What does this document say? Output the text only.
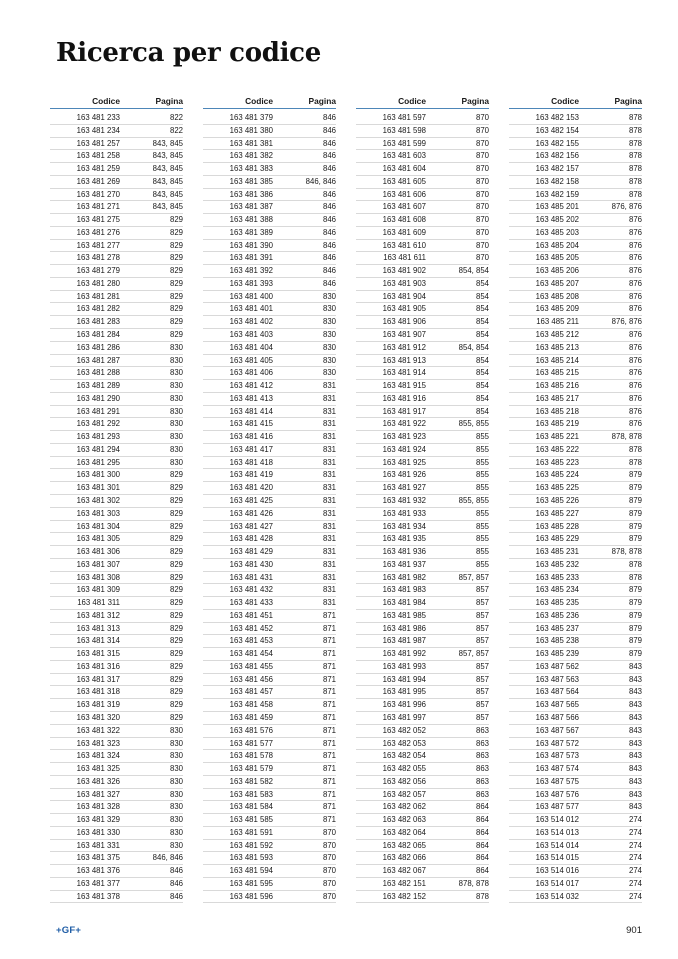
Ricerca per codice
Codice	Pagina
163 481 233	822
163 481 234	822
163 481 257	843, 845
163 481 258	843, 845
163 481 259	843, 845
163 481 269	843, 845
163 481 270	843, 845
163 481 271	843, 845
163 481 275	829
163 481 276	829
163 481 277	829
163 481 278	829
163 481 279	829
163 481 280	829
163 481 281	829
163 481 282	829
163 481 283	829
163 481 284	829
163 481 286	830
163 481 287	830
163 481 288	830
163 481 289	830
163 481 290	830
163 481 291	830
163 481 292	830
163 481 293	830
163 481 294	830
163 481 295	830
163 481 300	829
163 481 301	829
163 481 302	829
163 481 303	829
163 481 304	829
163 481 305	829
163 481 306	829
163 481 307	829
163 481 308	829
163 481 309	829
163 481 311	829
163 481 312	829
163 481 313	829
163 481 314	829
163 481 315	829
163 481 316	829
163 481 317	829
163 481 318	829
163 481 319	829
163 481 320	829
163 481 322	830
163 481 323	830
163 481 324	830
163 481 325	830
163 481 326	830
163 481 327	830
163 481 328	830
163 481 329	830
163 481 330	830
163 481 331	830
163 481 375	846, 846
163 481 376	846
163 481 377	846
163 481 378	846
Codice	Pagina
163 481 379	846
163 481 380	846
163 481 381	846
163 481 382	846
163 481 383	846
163 481 385	846, 846
163 481 386	846
163 481 387	846
163 481 388	846
163 481 389	846
163 481 390	846
163 481 391	846
163 481 392	846
163 481 393	846
163 481 400	830
163 481 401	830
163 481 402	830
163 481 403	830
163 481 404	830
163 481 405	830
163 481 406	830
163 481 412	831
163 481 413	831
163 481 414	831
163 481 415	831
163 481 416	831
163 481 417	831
163 481 418	831
163 481 419	831
163 481 420	831
163 481 425	831
163 481 426	831
163 481 427	831
163 481 428	831
163 481 429	831
163 481 430	831
163 481 431	831
163 481 432	831
163 481 433	831
163 481 451	871
163 481 452	871
163 481 453	871
163 481 454	871
163 481 455	871
163 481 456	871
163 481 457	871
163 481 458	871
163 481 459	871
163 481 576	871
163 481 577	871
163 481 578	871
163 481 579	871
163 481 582	871
163 481 583	871
163 481 584	871
163 481 585	871
163 481 591	870
163 481 592	870
163 481 593	870
163 481 594	870
163 481 595	870
163 481 596	870
Codice	Pagina
163 481 597	870
163 481 598	870
163 481 599	870
163 481 603	870
163 481 604	870
163 481 605	870
163 481 606	870
163 481 607	870
163 481 608	870
163 481 609	870
163 481 610	870
163 481 611	870
163 481 902	854, 854
163 481 903	854
163 481 904	854
163 481 905	854
163 481 906	854
163 481 907	854
163 481 912	854, 854
163 481 913	854
163 481 914	854
163 481 915	854
163 481 916	854
163 481 917	854
163 481 922	855, 855
163 481 923	855
163 481 924	855
163 481 925	855
163 481 926	855
163 481 927	855
163 481 932	855, 855
163 481 933	855
163 481 934	855
163 481 935	855
163 481 936	855
163 481 937	855
163 481 982	857, 857
163 481 983	857
163 481 984	857
163 481 985	857
163 481 986	857
163 481 987	857
163 481 992	857, 857
163 481 993	857
163 481 994	857
163 481 995	857
163 481 996	857
163 481 997	857
163 482 052	863
163 482 053	863
163 482 054	863
163 482 055	863
163 482 056	863
163 482 057	863
163 482 062	864
163 482 063	864
163 482 064	864
163 482 065	864
163 482 066	864
163 482 067	864
163 482 151	878, 878
163 482 152	878
Codice	Pagina
163 482 153	878
163 482 154	878
163 482 155	878
163 482 156	878
163 482 157	878
163 482 158	878
163 482 159	878
163 485 201	876, 876
163 485 202	876
163 485 203	876
163 485 204	876
163 485 205	876
163 485 206	876
163 485 207	876
163 485 208	876
163 485 209	876
163 485 211	876, 876
163 485 212	876
163 485 213	876
163 485 214	876
163 485 215	876
163 485 216	876
163 485 217	876
163 485 218	876
163 485 219	876
163 485 221	878, 878
163 485 222	878
163 485 223	878
163 485 224	879
163 485 225	879
163 485 226	879
163 485 227	879
163 485 228	879
163 485 229	879
163 485 231	878, 878
163 485 232	878
163 485 233	878
163 485 234	879
163 485 235	879
163 485 236	879
163 485 237	879
163 485 238	879
163 485 239	879
163 487 562	843
163 487 563	843
163 487 564	843
163 487 565	843
163 487 566	843
163 487 567	843
163 487 572	843
163 487 573	843
163 487 574	843
163 487 575	843
163 487 576	843
163 487 577	843
163 514 012	274
163 514 013	274
163 514 014	274
163 514 015	274
163 514 016	274
163 514 017	274
163 514 032	274
+GF+	901
